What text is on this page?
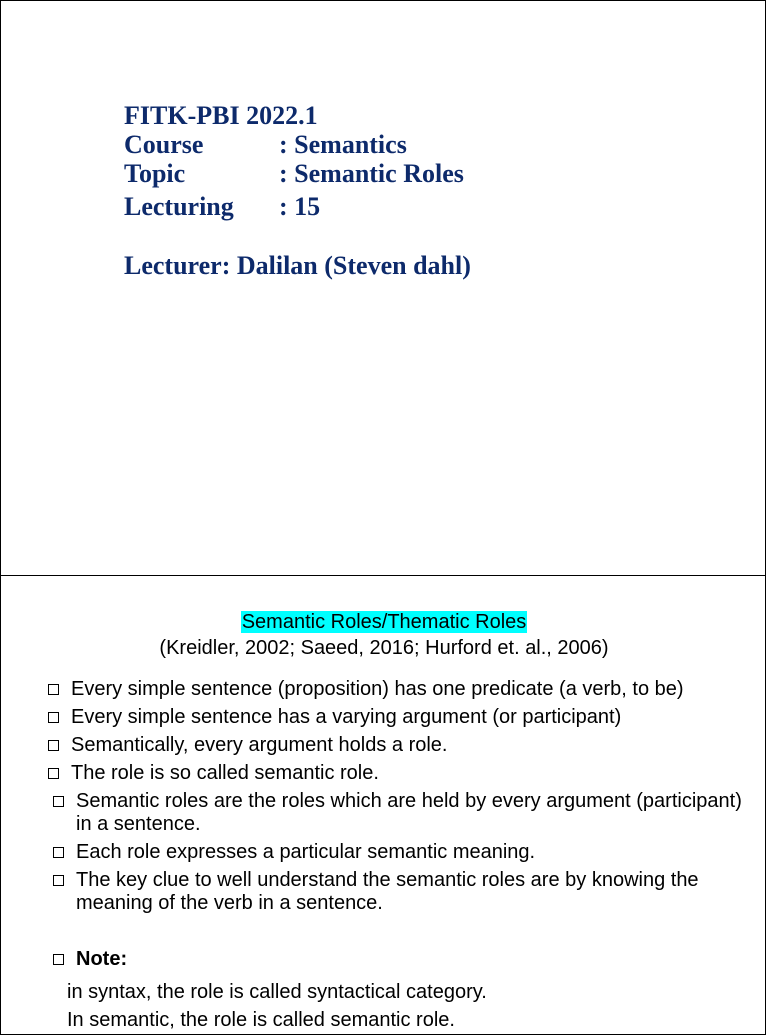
FITK-PBI 2022.1
Course	: Semantics
Topic	: Semantic Roles
Lecturing	: 15
Lecturer: Dalilan (Steven dahl)
Semantic Roles/Thematic Roles
(Kreidler, 2002; Saeed, 2016; Hurford et. al., 2006)
Every simple sentence (proposition) has one predicate (a verb, to be)
Every simple sentence has a varying argument (or participant)
Semantically, every argument holds a role.
The role is so called semantic role.
Semantic roles are the roles which are held by every argument (participant) in a sentence.
Each role expresses a particular semantic meaning.
The key clue to well understand the semantic roles are by knowing the meaning of the verb in a sentence.
Note:
in syntax, the role is called syntactical category.
In semantic, the role is called semantic role.
